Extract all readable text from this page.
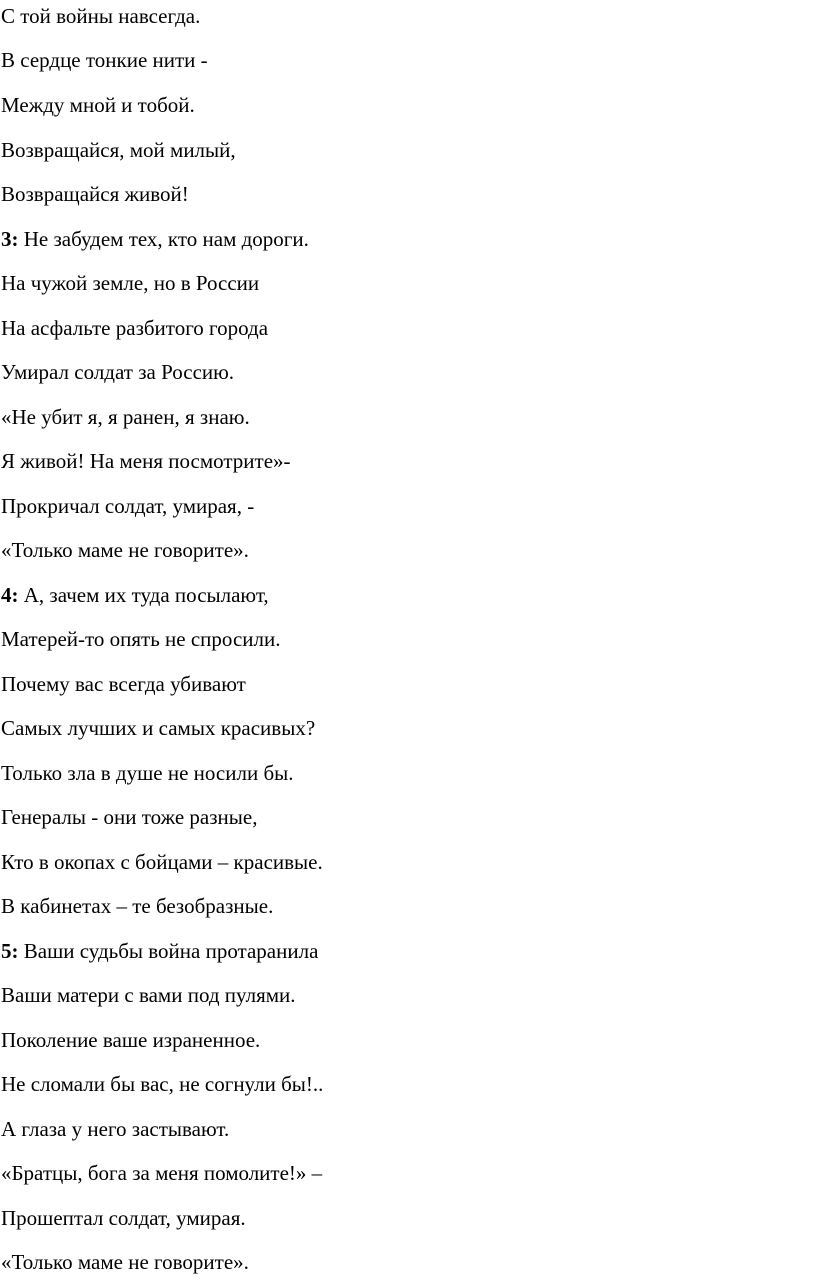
С той войны навсегда.
В сердце тонкие нити -
Между мной и тобой.
Возвращайся, мой милый,
Возвращайся живой!
3: Не забудем тех, кто нам дороги.
На чужой земле, но в России
На асфальте разбитого города
Умирал солдат за Россию.
«Не убит я, я ранен, я знаю.
Я живой! На меня посмотрите»-
Прокричал солдат, умирая, -
«Только маме не говорите».
4: А, зачем их туда посылают,
Матерей-то опять не спросили.
Почему вас всегда убивают
Самых лучших и самых красивых?
Только зла в душе не носили бы.
Генералы - они тоже разные,
Кто в окопах с бойцами – красивые.
В кабинетах – те безобразные.
5: Ваши судьбы война протаранила
Ваши матери с вами под пулями.
Поколение ваше израненное.
Не сломали бы вас, не согнули бы!..
А глаза у него застывают.
«Братцы, бога за меня помолите!» –
Прошептал солдат, умирая.
«Только маме не говорите».
